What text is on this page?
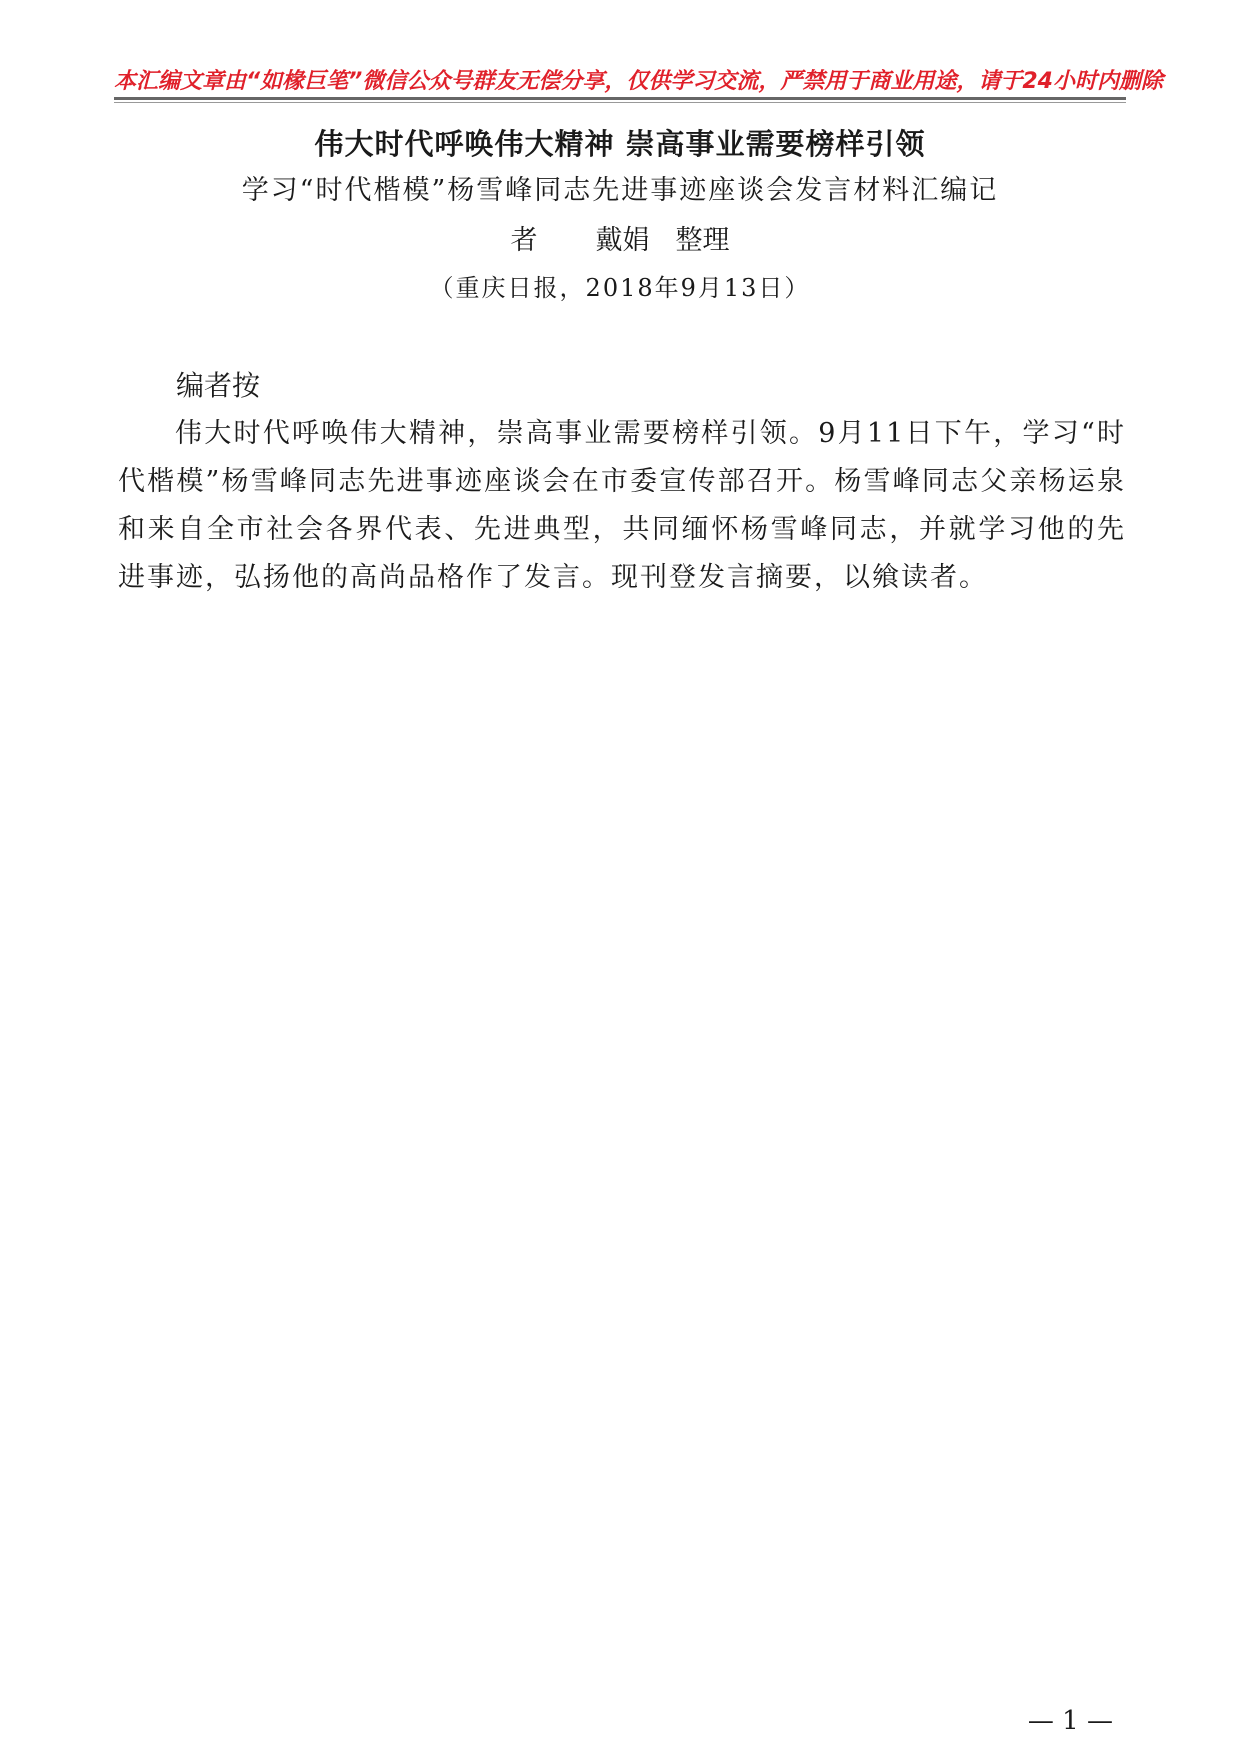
本汇编文章由“如椽巨笔”微信公众号群友无偿分享，仅供学习交流，严禁用于商业用途，请于24小时内删除
伟大时代呼唤伟大精神 崇高事业需要榜样引领
学习“时代楷模”杨雪峰同志先进事迹座谈会发言材料汇编记
者 戴娟 整理
（重庆日报，2018年9月13日）
编者按
伟大时代呼唤伟大精神，崇高事业需要榜样引领。9月11日下午，学习“时代楷模”杨雪峰同志先进事迹座谈会在市委宣传部召开。杨雪峰同志父亲杨运泉和来自全市社会各界代表、先进典型，共同缅怀杨雪峰同志，并就学习他的先进事迹，弘扬他的高尚品格作了发言。现刊登发言摘要，以飨读者。
— 1 —
